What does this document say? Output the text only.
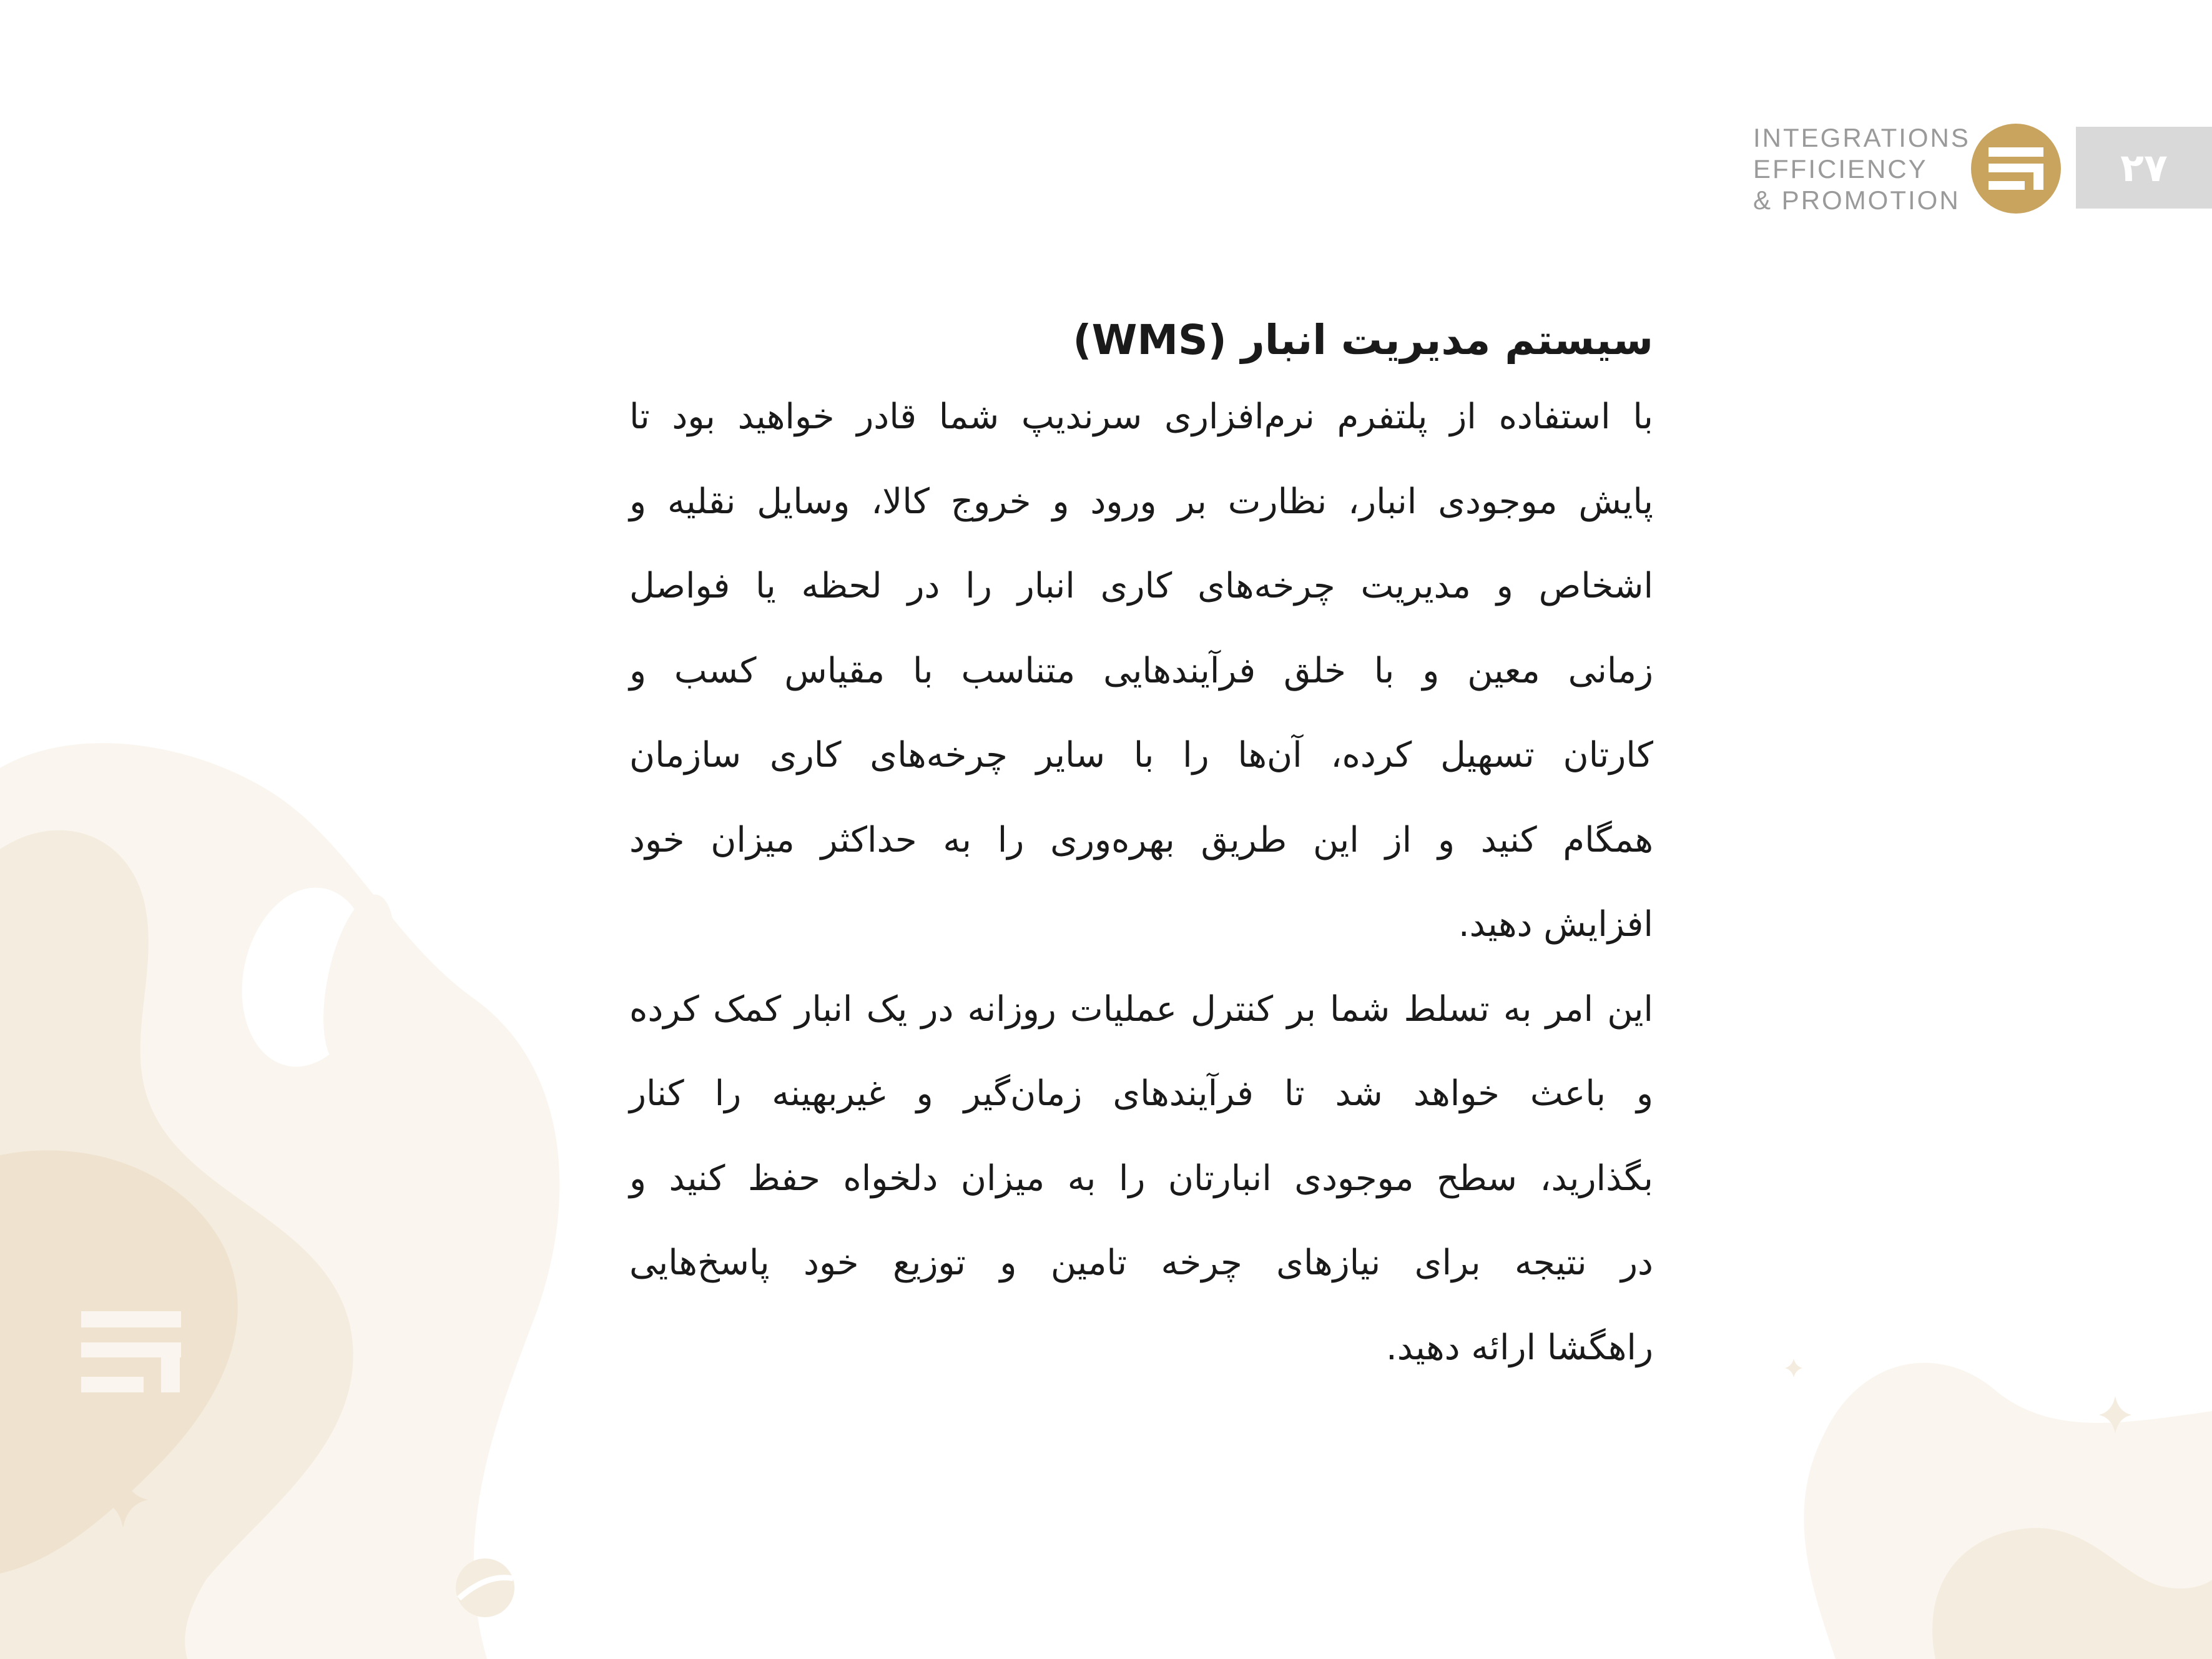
INTEGRATIONS
EFFICIENCY
& PROMOTION
۲۷
سیستم مدیریت انبار (WMS)

با استفاده از پلتفرم نرم‌افزاری سرندیپ شما قادر خواهید بود تا
پایش موجودی انبار، نظارت بر ورود و خروج کالا، وسایل نقلیه و
اشخاص و مدیریت چرخه‌های کاری انبار را در لحظه یا فواصل
زمانی معین و با خلق فرآیندهایی متناسب با مقیاس کسب و
کارتان تسهیل کرده، آن‌ها را با سایر چرخه‌های کاری سازمان
همگام کنید و از این طریق بهره‌وری را به حداکثر میزان خود
افزایش دهید.

این امر به تسلط شما بر کنترل عملیات روزانه در یک انبار کمک کرده
و باعث خواهد شد تا فرآیندهای زمان‌گیر و غیربهینه را کنار
بگذارید، سطح موجودی انبارتان را به میزان دلخواه حفظ کنید و
در نتیجه برای نیازهای چرخه تامین و توزیع خود پاسخ‌هایی
راهگشا ارائه دهید.
